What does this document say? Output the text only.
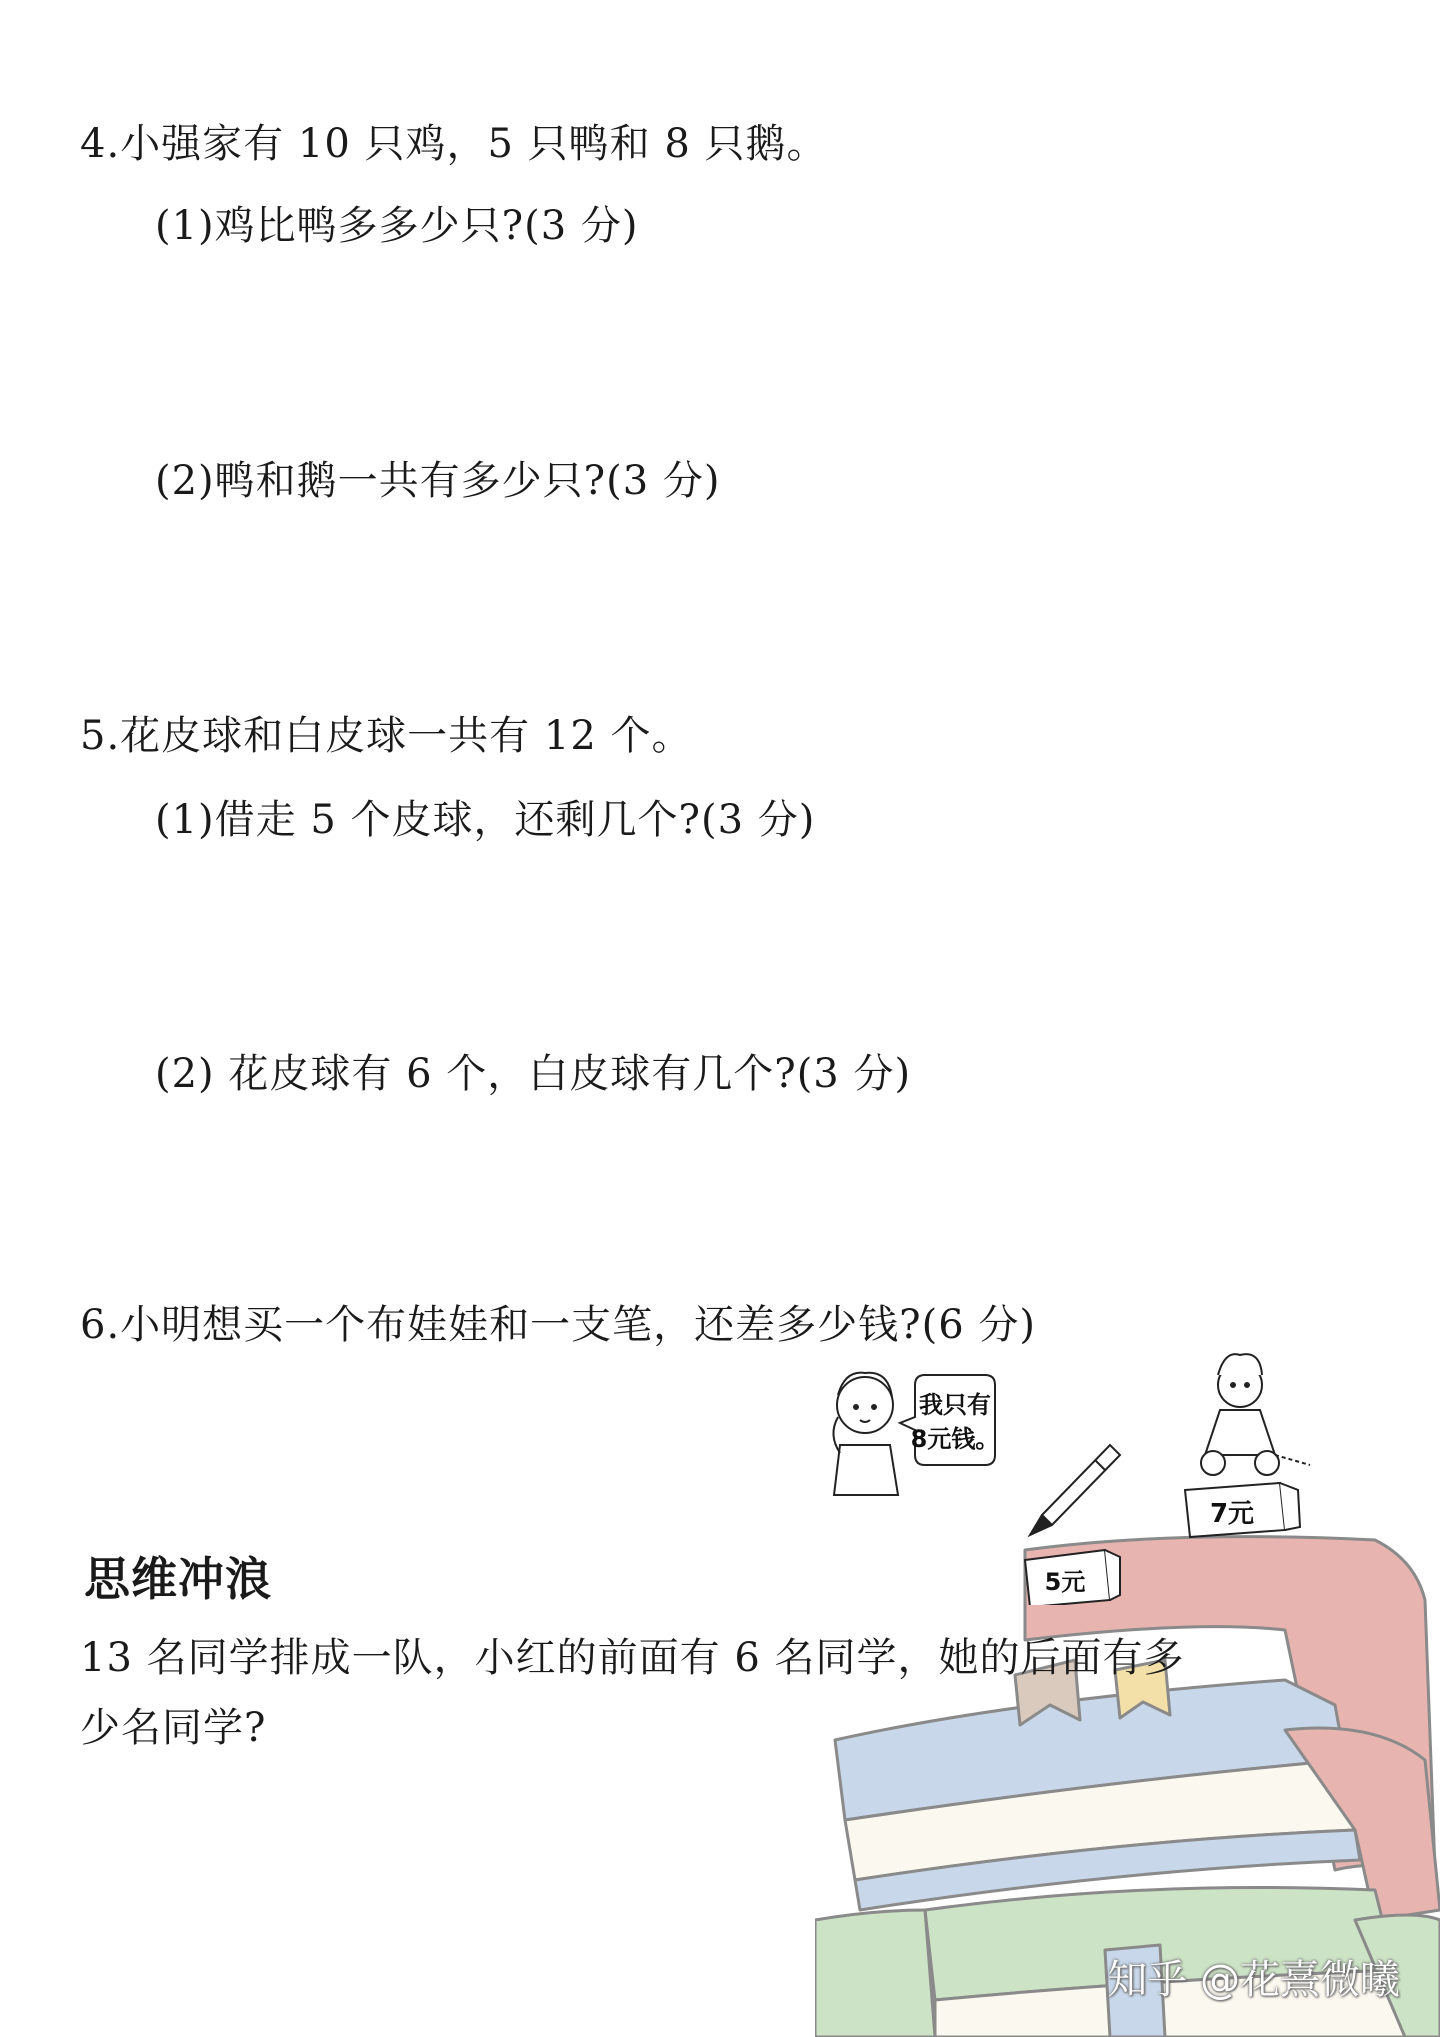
4.小强家有 10 只鸡，5 只鸭和 8 只鹅。
(1)鸡比鸭多多少只?(3 分)
(2)鸭和鹅一共有多少只?(3 分)
5.花皮球和白皮球一共有 12 个。
(1)借走 5 个皮球，还剩几个?(3 分)
(2) 花皮球有 6 个，白皮球有几个?(3 分)
6.小明想买一个布娃娃和一支笔，还差多少钱?(6 分)
我只有
8元钱。
5元
7元
思维冲浪
13 名同学排成一队，小红的前面有 6 名同学，她的后面有多
少名同学?
知乎 @花熹微曦
